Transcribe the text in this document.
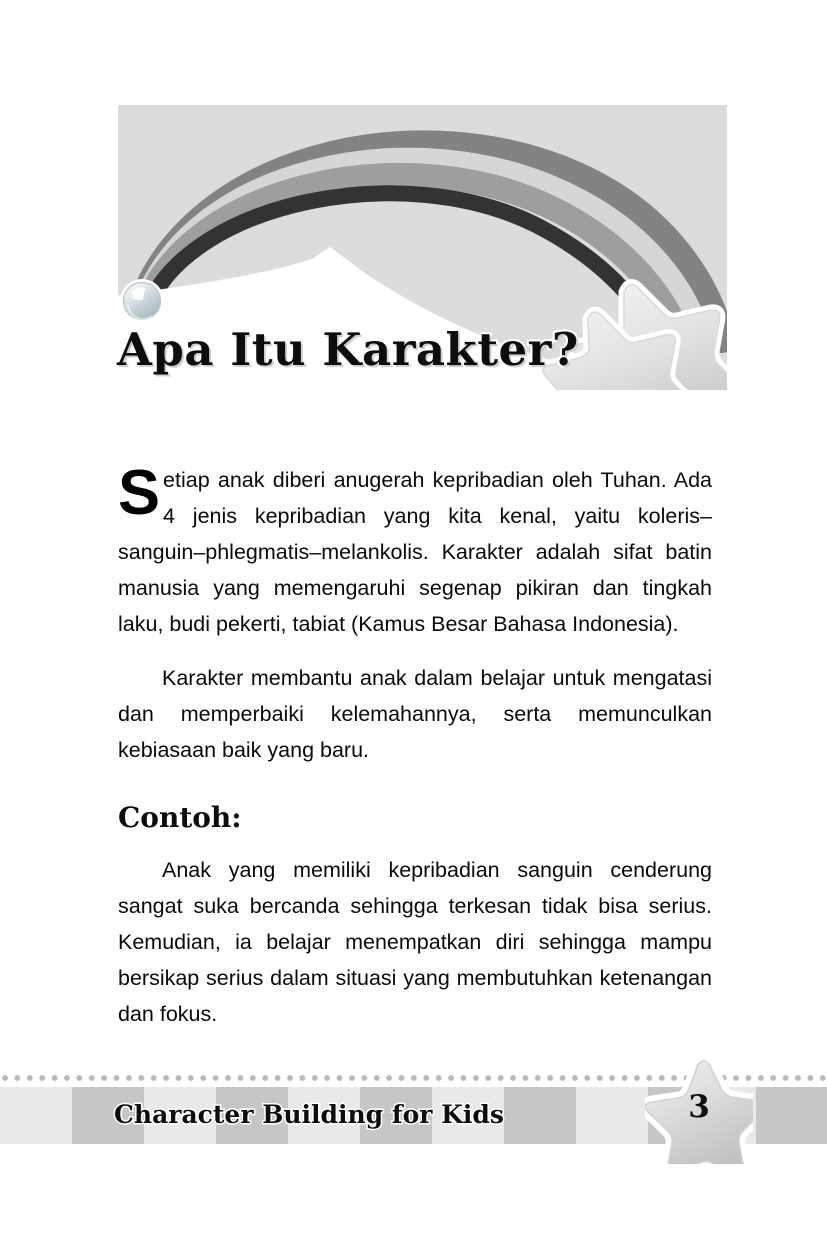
Apa Itu Karakter?

Setiap anak diberi anugerah kepribadian oleh Tuhan. Ada 4 jenis kepribadian yang kita kenal, yaitu koleris–sanguin–phlegmatis–melankolis. Karakter adalah sifat batin manusia yang memengaruhi segenap pikiran dan tingkah laku, budi pekerti, tabiat (Kamus Besar Bahasa Indonesia).

Karakter membantu anak dalam belajar untuk mengatasi dan memperbaiki kelemahannya, serta memunculkan kebiasaan baik yang baru.

Contoh:

Anak yang memiliki kepribadian sanguin cenderung sangat suka bercanda sehingga terkesan tidak bisa serius. Kemudian, ia belajar menempatkan diri sehingga mampu bersikap serius dalam situasi yang membutuhkan ketenangan dan fokus.

Character Building for Kids	3
